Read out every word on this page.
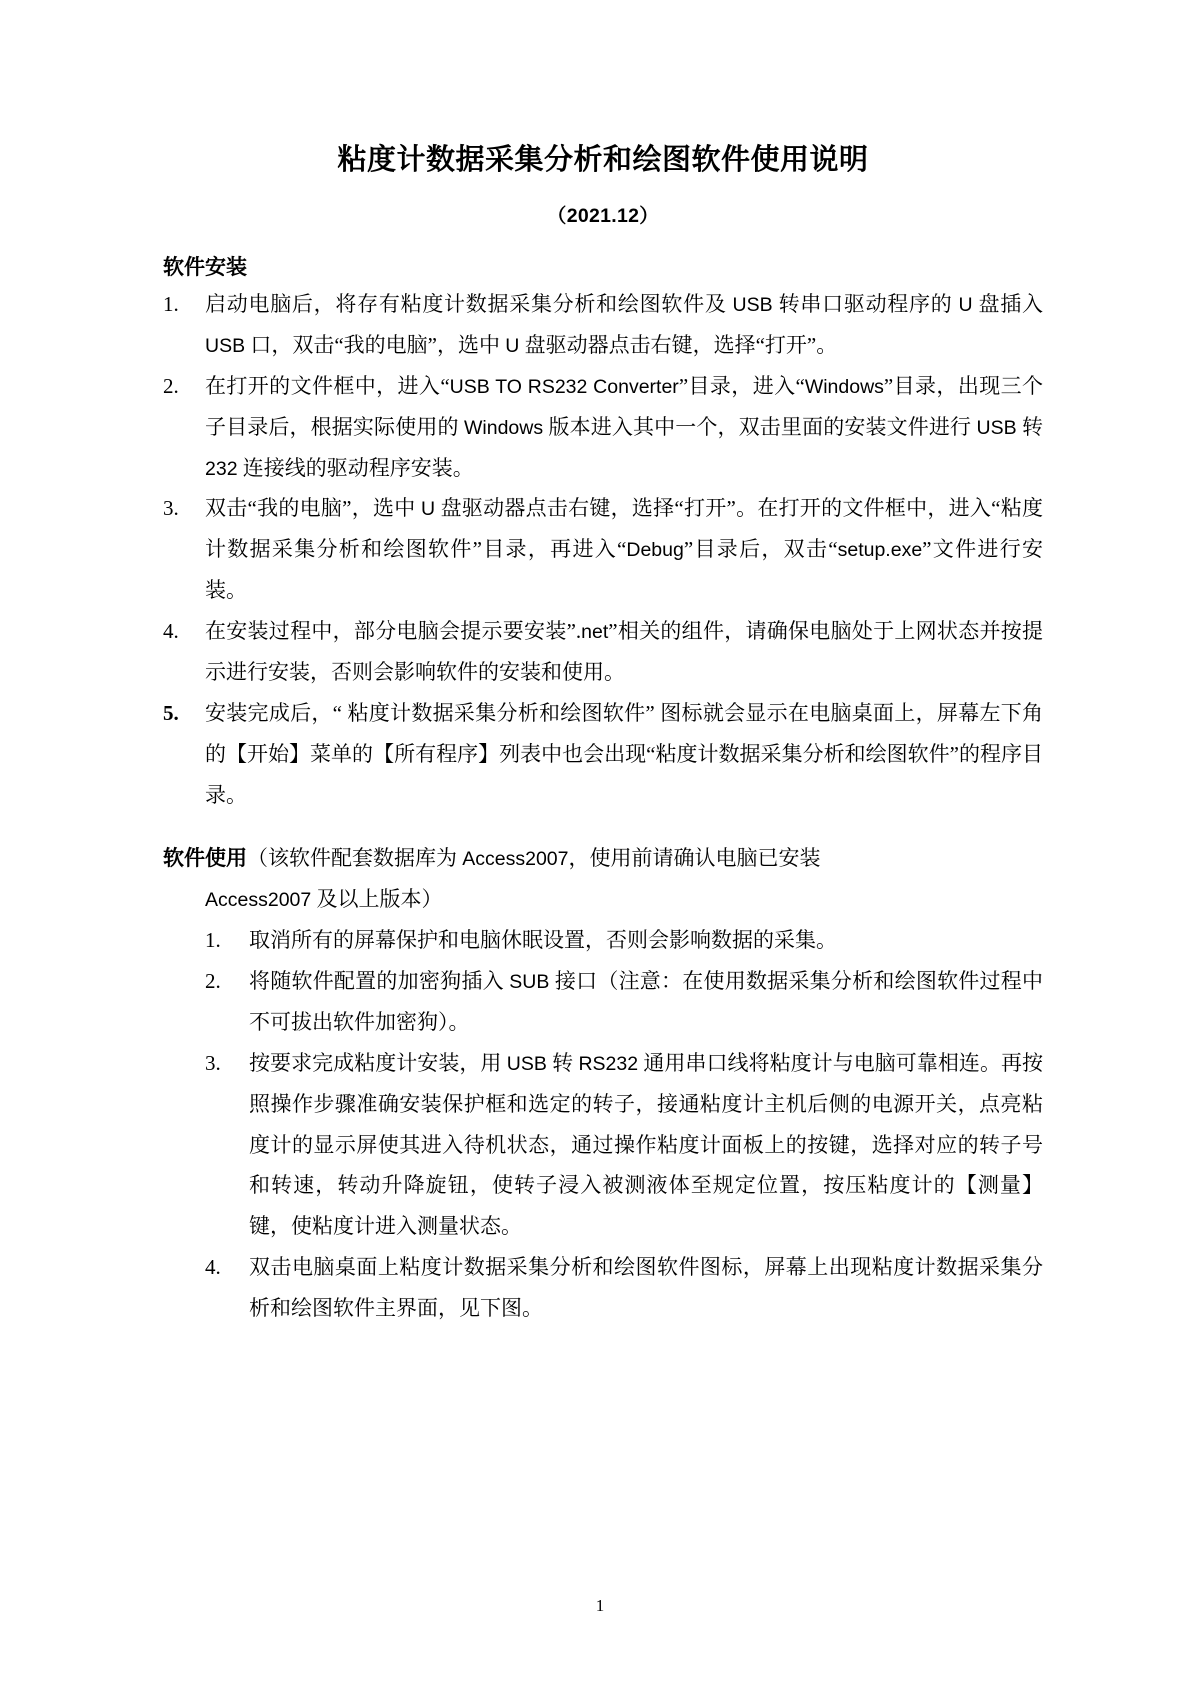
粘度计数据采集分析和绘图软件使用说明
（2021.12）
软件安装
1.	启动电脑后，将存有粘度计数据采集分析和绘图软件及 USB 转串口驱动程序的 U 盘插入 USB 口，双击“我的电脑”，选中 U 盘驱动器点击右键，选择“打开”。
2.	在打开的文件框中，进入“USB TO RS232 Converter”目录，进入“Windows”目录，出现三个子目录后，根据实际使用的 Windows 版本进入其中一个，双击里面的安装文件进行 USB 转 232 连接线的驱动程序安装。
3.	双击“我的电脑”，选中 U 盘驱动器点击右键，选择“打开”。在打开的文件框中，进入“粘度计数据采集分析和绘图软件”目录，再进入“Debug”目录后，双击“setup.exe”文件进行安装。
4.	在安装过程中，部分电脑会提示要安装”.net”相关的组件，请确保电脑处于上网状态并按提示进行安装，否则会影响软件的安装和使用。
5.	安装完成后，“ 粘度计数据采集分析和绘图软件” 图标就会显示在电脑桌面上，屏幕左下角的【开始】菜单的【所有程序】列表中也会出现“粘度计数据采集分析和绘图软件”的程序目录。
软件使用（该软件配套数据库为 Access2007，使用前请确认电脑已安装
Access2007 及以上版本）
1.	取消所有的屏幕保护和电脑休眠设置，否则会影响数据的采集。
2.	将随软件配置的加密狗插入 SUB 接口（注意：在使用数据采集分析和绘图软件过程中不可拔出软件加密狗）。
3.	按要求完成粘度计安装，用 USB 转 RS232 通用串口线将粘度计与电脑可靠相连。再按照操作步骤准确安装保护框和选定的转子，接通粘度计主机后侧的电源开关，点亮粘度计的显示屏使其进入待机状态，通过操作粘度计面板上的按键，选择对应的转子号和转速，转动升降旋钮，使转子浸入被测液体至规定位置，按压粘度计的【测量】键，使粘度计进入测量状态。
4.	双击电脑桌面上粘度计数据采集分析和绘图软件图标，屏幕上出现粘度计数据采集分析和绘图软件主界面，见下图。
1
